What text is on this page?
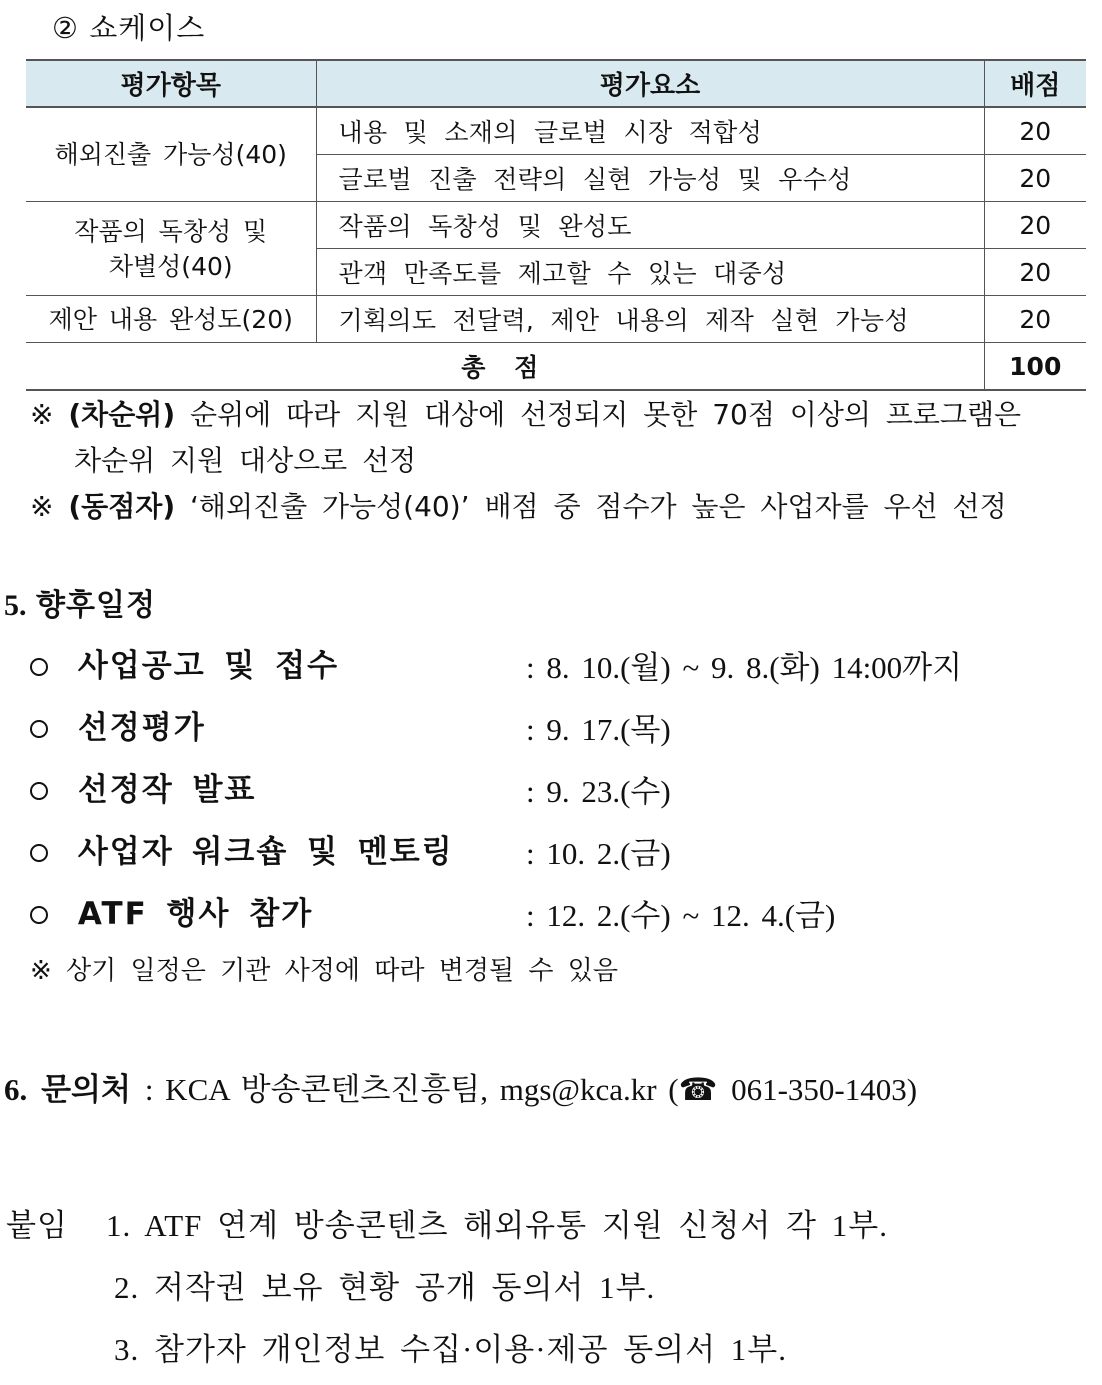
② 쇼케이스
평가항목	평가요소	배점
해외진출 가능성(40)	내용 및 소재의 글로벌 시장 적합성	20
	글로벌 진출 전략의 실현 가능성 및 우수성	20
작품의 독창성 및
차별성(40)	작품의 독창성 및 완성도	20
	관객 만족도를 제고할 수 있는 대중성	20
제안 내용 완성도(20)	기획의도 전달력, 제안 내용의 제작 실현 가능성	20
총 점		100
※ (차순위) 순위에 따라 지원 대상에 선정되지 못한 70점 이상의 프로그램은
차순위 지원 대상으로 선정
※ (동점자) ‘해외진출 가능성(40)’ 배점 중 점수가 높은 사업자를 우선 선정
5. 향후일정
사업공고 및 접수	: 8. 10.(월) ~ 9. 8.(화) 14:00까지
선정평가	: 9. 17.(목)
선정작 발표	: 9. 23.(수)
사업자 워크숍 및 멘토링 : 10. 2.(금)
ATF 행사 참가	: 12. 2.(수) ~ 12. 4.(금)
※ 상기 일정은 기관 사정에 따라 변경될 수 있음
6. 문의처 : KCA 방송콘텐츠진흥팀, mgs@kca.kr (☎ 061-350-1403)
붙임 1. ATF 연계 방송콘텐츠 해외유통 지원 신청서 각 1부.
2. 저작권 보유 현황 공개 동의서 1부.
3. 참가자 개인정보 수집·이용·제공 동의서 1부.
